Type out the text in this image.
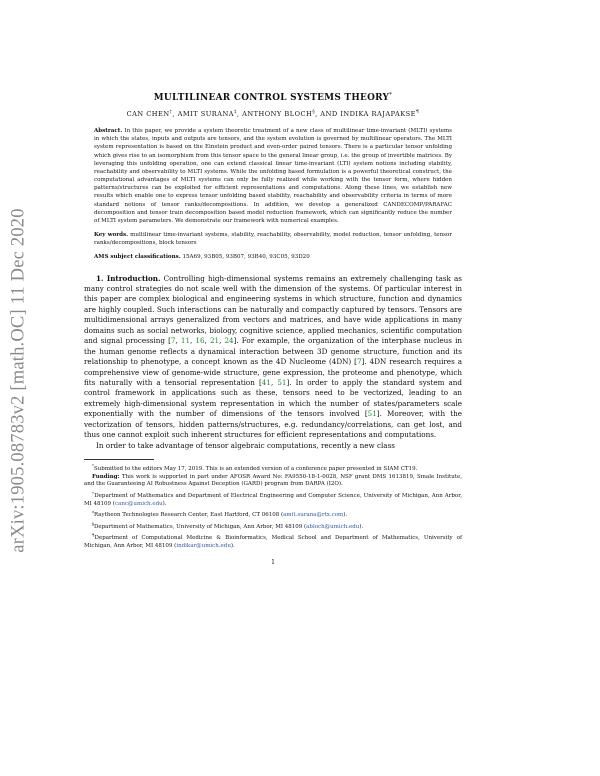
arXiv:1905.08783v2 [math.OC] 11 Dec 2020
MULTILINEAR CONTROL SYSTEMS THEORY*
CAN CHEN†, AMIT SURANA‡, ANTHONY BLOCH§, AND INDIKA RAJAPAKSE¶
Abstract. In this paper, we provide a system theoretic treatment of a new class of multilinear time-invariant (MLTI) systems in which the states, inputs and outputs are tensors, and the system evolution is governed by multilinear operators. The MLTI system representation is based on the Einstein product and even-order paired tensors. There is a particular tensor unfolding which gives rise to an isomorphism from this tensor space to the general linear group, i.e. the group of invertible matrices. By leveraging this unfolding operation, one can extend classical linear time-invariant (LTI) system notions including stability, reachability and observability to MLTI systems. While the unfolding based formulation is a powerful theoretical construct, the computational advantages of MLTI systems can only be fully realized while working with the tensor form, where hidden patterns/structures can be exploited for efficient representations and computations. Along these lines, we establish new results which enable one to express tensor unfolding based stability, reachability and observability criteria in terms of more standard notions of tensor ranks/decompositions. In addition, we develop a generalized CANDECOMP/PARAFAC decomposition and tensor train decomposition based model reduction framework, which can significantly reduce the number of MLTI system parameters. We demonstrate our framework with numerical examples.
Key words. multilinear time-invariant systems, stability, reachability, observability, model reduction, tensor unfolding, tensor ranks/decompositions, block tensors
AMS subject classifications. 15A69, 93B05, 93B07, 93B40, 93C05, 93D20

1. Introduction. Controlling high-dimensional systems remains an extremely challenging task as many control strategies do not scale well with the dimension of the systems. Of particular interest in this paper are complex biological and engineering systems in which structure, function and dynamics are highly coupled. Such interactions can be naturally and compactly captured by tensors. Tensors are multidimensional arrays generalized from vectors and matrices, and have wide applications in many domains such as social networks, biology, cognitive science, applied mechanics, scientific computation and signal processing [7, 11, 16, 21, 24]. For example, the organization of the interphase nucleus in the human genome reflects a dynamical interaction between 3D genome structure, function and its relationship to phenotype, a concept known as the 4D Nucleome (4DN) [7]. 4DN research requires a comprehensive view of genome-wide structure, gene expression, the proteome and phenotype, which fits naturally with a tensorial representation [41, 51]. In order to apply the standard system and control framework in applications such as these, tensors need to be vectorized, leading to an extremely high-dimensional system representation in which the number of states/parameters scale exponentially with the number of dimensions of the tensors involved [51]. Moreover, with the vectorization of tensors, hidden patterns/structures, e.g. redundancy/correlations, can get lost, and thus one cannot exploit such inherent structures for efficient representations and computations.

In order to take advantage of tensor algebraic computations, recently a new class

*Submitted to the editors May 17, 2019. This is an extended version of a conference paper presented in SIAM CT19.

Funding: This work is supported in part under AFOSR Award No: FA9550-18-1-0028, NSF grant DMS 1613819, Smale Institute, and the Guaranteeing AI Robustness Against Deception (GARD) program from DARPA (I2O).

†Department of Mathematics and Department of Electrical Engineering and Computer Science, University of Michigan, Ann Arbor, MI 48109 (canc@umich.edu).

‡Raytheon Technologies Research Center, East Hartford, CT 06108 (amit.surana@rtx.com).

§Department of Mathematics, University of Michigan, Ann Arbor, MI 48109 (abloch@umich.edu).

¶Department of Computational Medicine & Bioinformatics, Medical School and Department of Mathematics, University of Michigan, Ann Arbor, MI 48109 (indikar@umich.edu).

1
